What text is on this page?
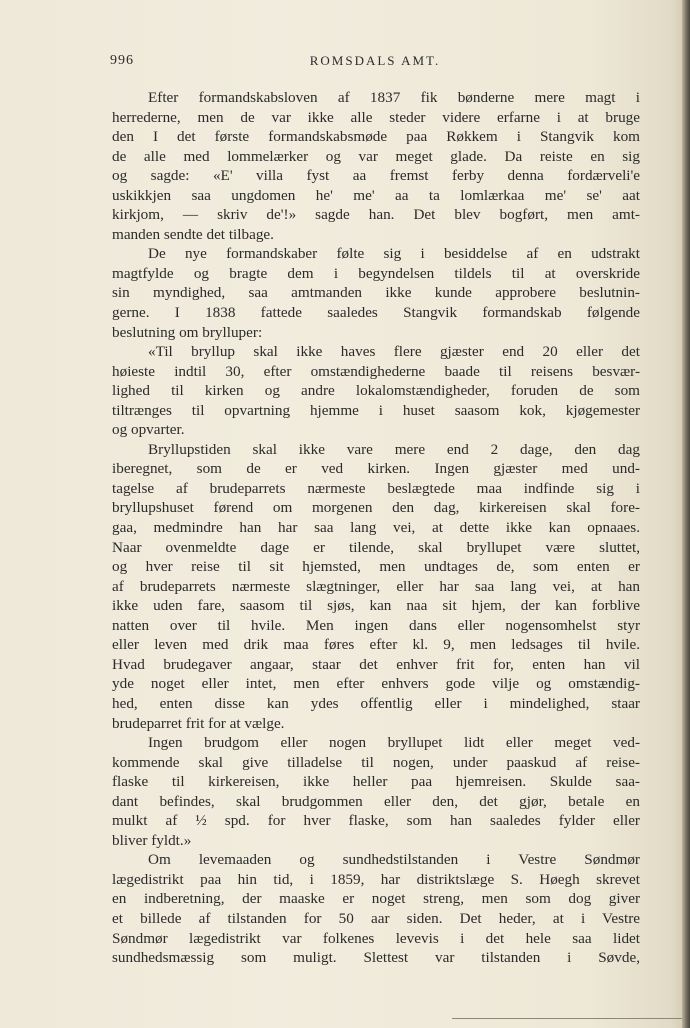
996	ROMSDALS AMT.
Efter formandskabsloven af 1837 fik bønderne mere magt i
herrederne, men de var ikke alle steder videre erfarne i at bruge
den I det første formandskabsmøde paa Røkkem i Stangvik kom
de alle med lommelærker og var meget glade. Da reiste en sig
og sagde: «E' villa fyst aa fremst ferby denna fordærveli'e
uskikkjen saa ungdomen he' me' aa ta lomlærkaa me' se' aat
kirkjom, — skriv de'!» sagde han. Det blev bogført, men amt-
manden sendte det tilbage.
De nye formandskaber følte sig i besiddelse af en udstrakt
magtfylde og bragte dem i begyndelsen tildels til at overskride
sin myndighed, saa amtmanden ikke kunde approbere beslutnin-
gerne. I 1838 fattede saaledes Stangvik formandskab følgende
beslutning om brylluper:
«Til bryllup skal ikke haves flere gjæster end 20 eller det
høieste indtil 30, efter omstændighederne baade til reisens besvær-
lighed til kirken og andre lokalomstændigheder, foruden de som
tiltrænges til opvartning hjemme i huset saasom kok, kjøgemester
og opvarter.
Bryllupstiden skal ikke vare mere end 2 dage, den dag
iberegnet, som de er ved kirken. Ingen gjæster med und-
tagelse af brudeparrets nærmeste beslægtede maa indfinde sig i
bryllupshuset førend om morgenen den dag, kirkereisen skal fore-
gaa, medmindre han har saa lang vei, at dette ikke kan opnaaes.
Naar ovenmeldte dage er tilende, skal bryllupet være sluttet,
og hver reise til sit hjemsted, men undtages de, som enten er
af brudeparrets nærmeste slægtninger, eller har saa lang vei, at han
ikke uden fare, saasom til sjøs, kan naa sit hjem, der kan forblive
natten over til hvile. Men ingen dans eller nogensomhelst styr
eller leven med drik maa føres efter kl. 9, men ledsages til hvile.
Hvad brudegaver angaar, staar det enhver frit for, enten han vil
yde noget eller intet, men efter enhvers gode vilje og omstændig-
hed, enten disse kan ydes offentlig eller i mindelighed, staar
brudeparret frit for at vælge.
Ingen brudgom eller nogen bryllupet lidt eller meget ved-
kommende skal give tilladelse til nogen, under paaskud af reise-
flaske til kirkereisen, ikke heller paa hjemreisen. Skulde saa-
dant befindes, skal brudgommen eller den, det gjør, betale en
mulkt af ½ spd. for hver flaske, som han saaledes fylder eller
bliver fyldt.»
Om levemaaden og sundhedstilstanden i Vestre Søndmør
lægedistrikt paa hin tid, i 1859, har distriktslæge S. Høegh skrevet
en indberetning, der maaske er noget streng, men som dog giver
et billede af tilstanden for 50 aar siden. Det heder, at i Vestre
Søndmør lægedistrikt var folkenes levevis i det hele saa lidet
sundhedsmæssig som muligt. Slettest var tilstanden i Søvde,
